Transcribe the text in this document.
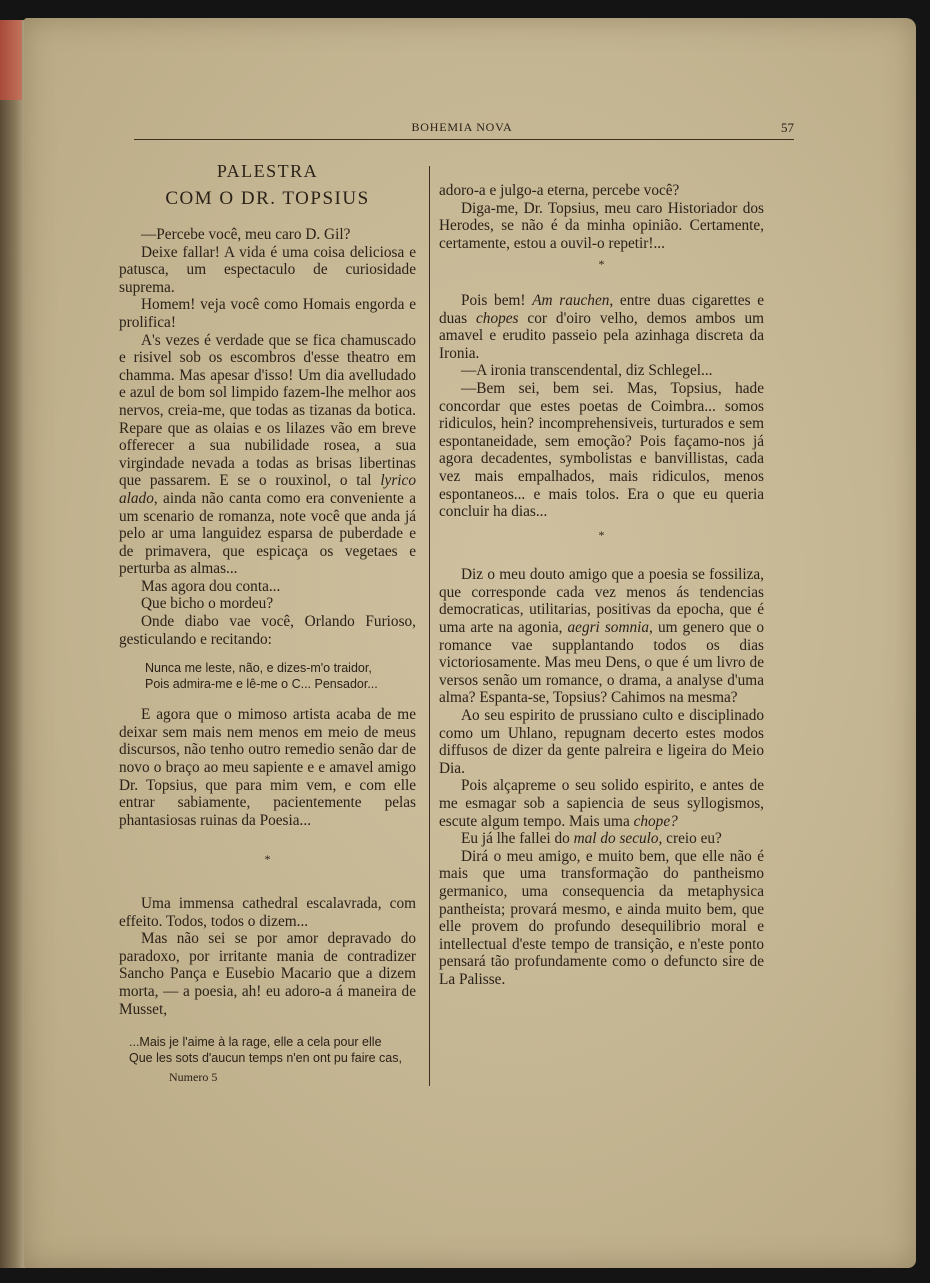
BOHEMIA NOVA	57
PALESTRA
COM O DR. TOPSIUS

—Percebe você, meu caro D. Gil?

Deixe fallar! A vida é uma coisa deliciosa e patusca, um espectaculo de curiosidade suprema.

Homem! veja você como Homais engorda e prolifica!

A's vezes é verdade que se fica chamuscado e risivel sob os escombros d'esse theatro em chamma. Mas apesar d'isso! Um dia avelludado e azul de bom sol limpido fazem-lhe melhor aos nervos, creia-me, que todas as tizanas da botica. Repare que as olaias e os lilazes vão em breve offerecer a sua nubilidade rosea, a sua virgindade nevada a todas as brisas libertinas que passarem. E se o rouxinol, o tal lyrico alado, ainda não canta como era conveniente a um scenario de romanza, note você que anda já pelo ar uma languidez esparsa de puberdade e de primavera, que espicaça os vegetaes e perturba as almas...

Mas agora dou conta...

Que bicho o mordeu?

Onde diabo vae você, Orlando Furioso, gesticulando e recitando:

Nunca me leste, não, e dizes-m'o traidor,
Pois admira-me e lê-me o C... Pensador...

E agora que o mimoso artista acaba de me deixar sem mais nem menos em meio de meus discursos, não tenho outro remedio senão dar de novo o braço ao meu sapiente e e amavel amigo Dr. Topsius, que para mim vem, e com elle entrar sabiamente, pacientemente pelas phantasiosas ruinas da Poesia...

*

Uma immensa cathedral escalavrada, com effeito. Todos, todos o dizem...

Mas não sei se por amor depravado do paradoxo, por irritante mania de contradizer Sancho Pança e Eusebio Macario que a dizem morta, — a poesia, ah! eu adoro-a á maneira de Musset,

...Mais je l'aime à la rage, elle a cela pour elle
Que les sots d'aucun temps n'en ont pu faire cas,

adoro-a e julgo-a eterna, percebe você?

Diga-me, Dr. Topsius, meu caro Historiador dos Herodes, se não é da minha opinião. Certamente, certamente, estou a ouvil-o repetir!...

*

Pois bem! Am rauchen, entre duas cigarettes e duas chopes cor d'oiro velho, demos ambos um amavel e erudito passeio pela azinhaga discreta da Ironia.

—A ironia transcendental, diz Schlegel...

—Bem sei, bem sei. Mas, Topsius, hade concordar que estes poetas de Coimbra... somos ridiculos, hein? incomprehensiveis, turturados e sem espontaneidade, sem emoção? Pois façamo-nos já agora decadentes, symbolistas e banvillistas, cada vez mais empalhados, mais ridiculos, menos espontaneos... e mais tolos. Era o que eu queria concluir ha dias...

*

Diz o meu douto amigo que a poesia se fossiliza, que corresponde cada vez menos ás tendencias democraticas, utilitarias, positivas da epocha, que é uma arte na agonia, aegri somnia, um genero que o romance vae supplantando todos os dias victoriosamente. Mas meu Dens, o que é um livro de versos senão um romance, o drama, a analyse d'uma alma? Espanta-se, Topsius? Cahimos na mesma?

Ao seu espirito de prussiano culto e disciplinado como um Uhlano, repugnam decerto estes modos diffusos de dizer da gente palreira e ligeira do Meio Dia.

Pois alçapreme o seu solido espirito, e antes de me esmagar sob a sapiencia de seus syllogismos, escute algum tempo. Mais uma chope?

Eu já lhe fallei do mal do seculo, creio eu?

Dirá o meu amigo, e muito bem, que elle não é mais que uma transformação do pantheismo germanico, uma consequencia da metaphysica pantheista; provará mesmo, e ainda muito bem, que elle provem do profundo desequilibrio moral e intellectual d'este tempo de transição, e n'este ponto pensará tão profundamente como o defuncto sire de La Palisse.

Numero 5
